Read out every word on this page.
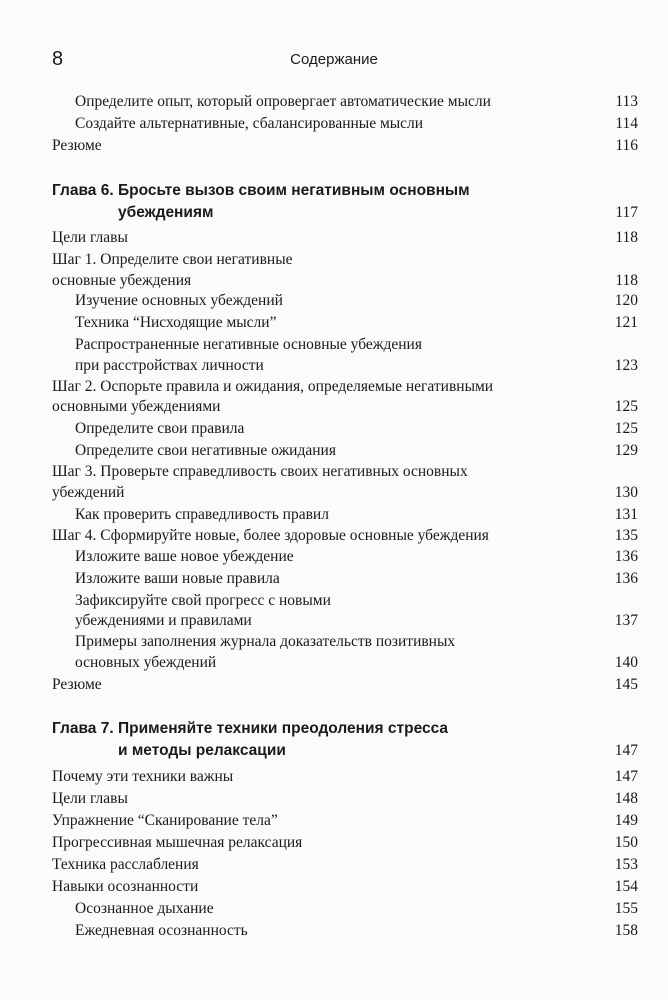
8	Содержание
Определите опыт, который опровергает автоматические мысли	113
Создайте альтернативные, сбалансированные мысли	114
Резюме	116
Глава 6. Бросьте вызов своим негативным основным
убеждениям	117
Цели главы	118
Шаг 1. Определите свои негативные
основные убеждения	118
Изучение основных убеждений	120
Техника “Нисходящие мысли”	121
Распространенные негативные основные убеждения
при расстройствах личности	123
Шаг 2. Оспорьте правила и ожидания, определяемые негативными
основными убеждениями	125
Определите свои правила	125
Определите свои негативные ожидания	129
Шаг 3. Проверьте справедливость своих негативных основных
убеждений	130
Как проверить справедливость правил	131
Шаг 4. Сформируйте новые, более здоровые основные убеждения	135
Изложите ваше новое убеждение	136
Изложите ваши новые правила	136
Зафиксируйте свой прогресс с новыми
убеждениями и правилами	137
Примеры заполнения журнала доказательств позитивных
основных убеждений	140
Резюме	145
Глава 7. Применяйте техники преодоления стресса
и методы релаксации	147
Почему эти техники важны	147
Цели главы	148
Упражнение “Сканирование тела”	149
Прогрессивная мышечная релаксация	150
Техника расслабления	153
Навыки осознанности	154
Осознанное дыхание	155
Ежедневная осознанность	158
